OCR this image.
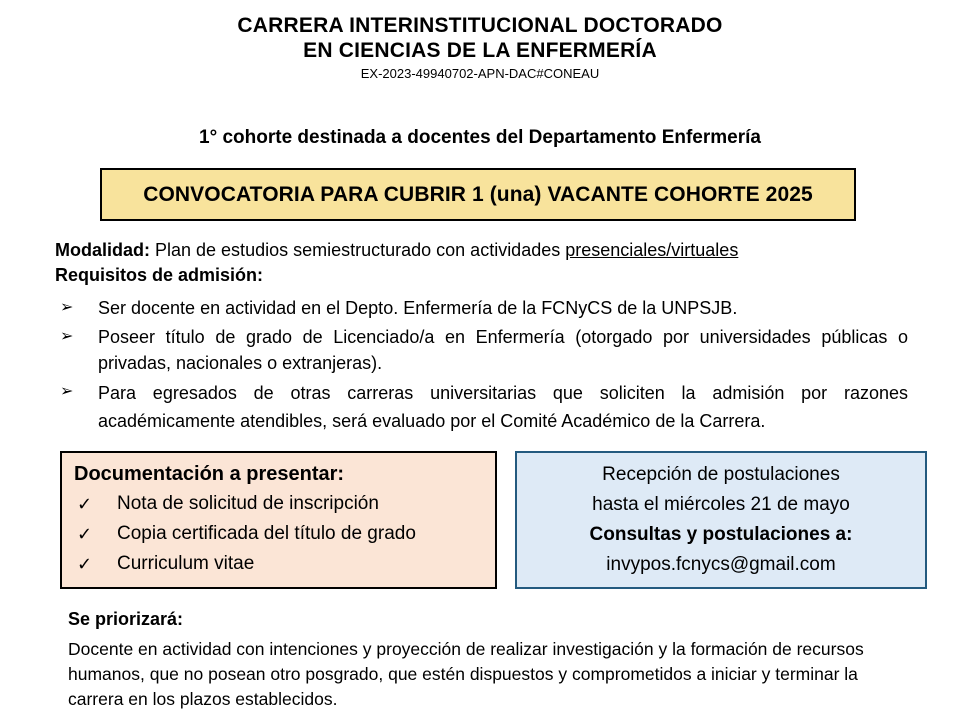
CARRERA INTERINSTITUCIONAL DOCTORADO
EN CIENCIAS DE LA ENFERMERÍA
EX-2023-49940702-APN-DAC#CONEAU
1° cohorte destinada a docentes del Departamento Enfermería
CONVOCATORIA PARA CUBRIR 1 (una) VACANTE COHORTE 2025
Modalidad: Plan de estudios semiestructurado con actividades presenciales/virtuales
Requisitos de admisión:
➢	Ser docente en actividad en el Depto. Enfermería de la FCNyCS de la UNPSJB.
➢	Poseer título de grado de Licenciado/a en Enfermería (otorgado por universidades públicas o privadas, nacionales o extranjeras).
➢	Para egresados de otras carreras universitarias que soliciten la admisión por razones académicamente atendibles, será evaluado por el Comité Académico de la Carrera.
Documentación a presentar:
✓	Nota de solicitud de inscripción
✓	Copia certificada del título de grado
✓	Curriculum vitae
Recepción de postulaciones
hasta el miércoles 21 de mayo
Consultas y postulaciones a:
invypos.fcnycs@gmail.com
Se priorizará:
Docente en actividad con intenciones y proyección de realizar investigación y la formación de recursos humanos, que no posean otro posgrado, que estén dispuestos y comprometidos a iniciar y terminar la carrera en los plazos establecidos.
